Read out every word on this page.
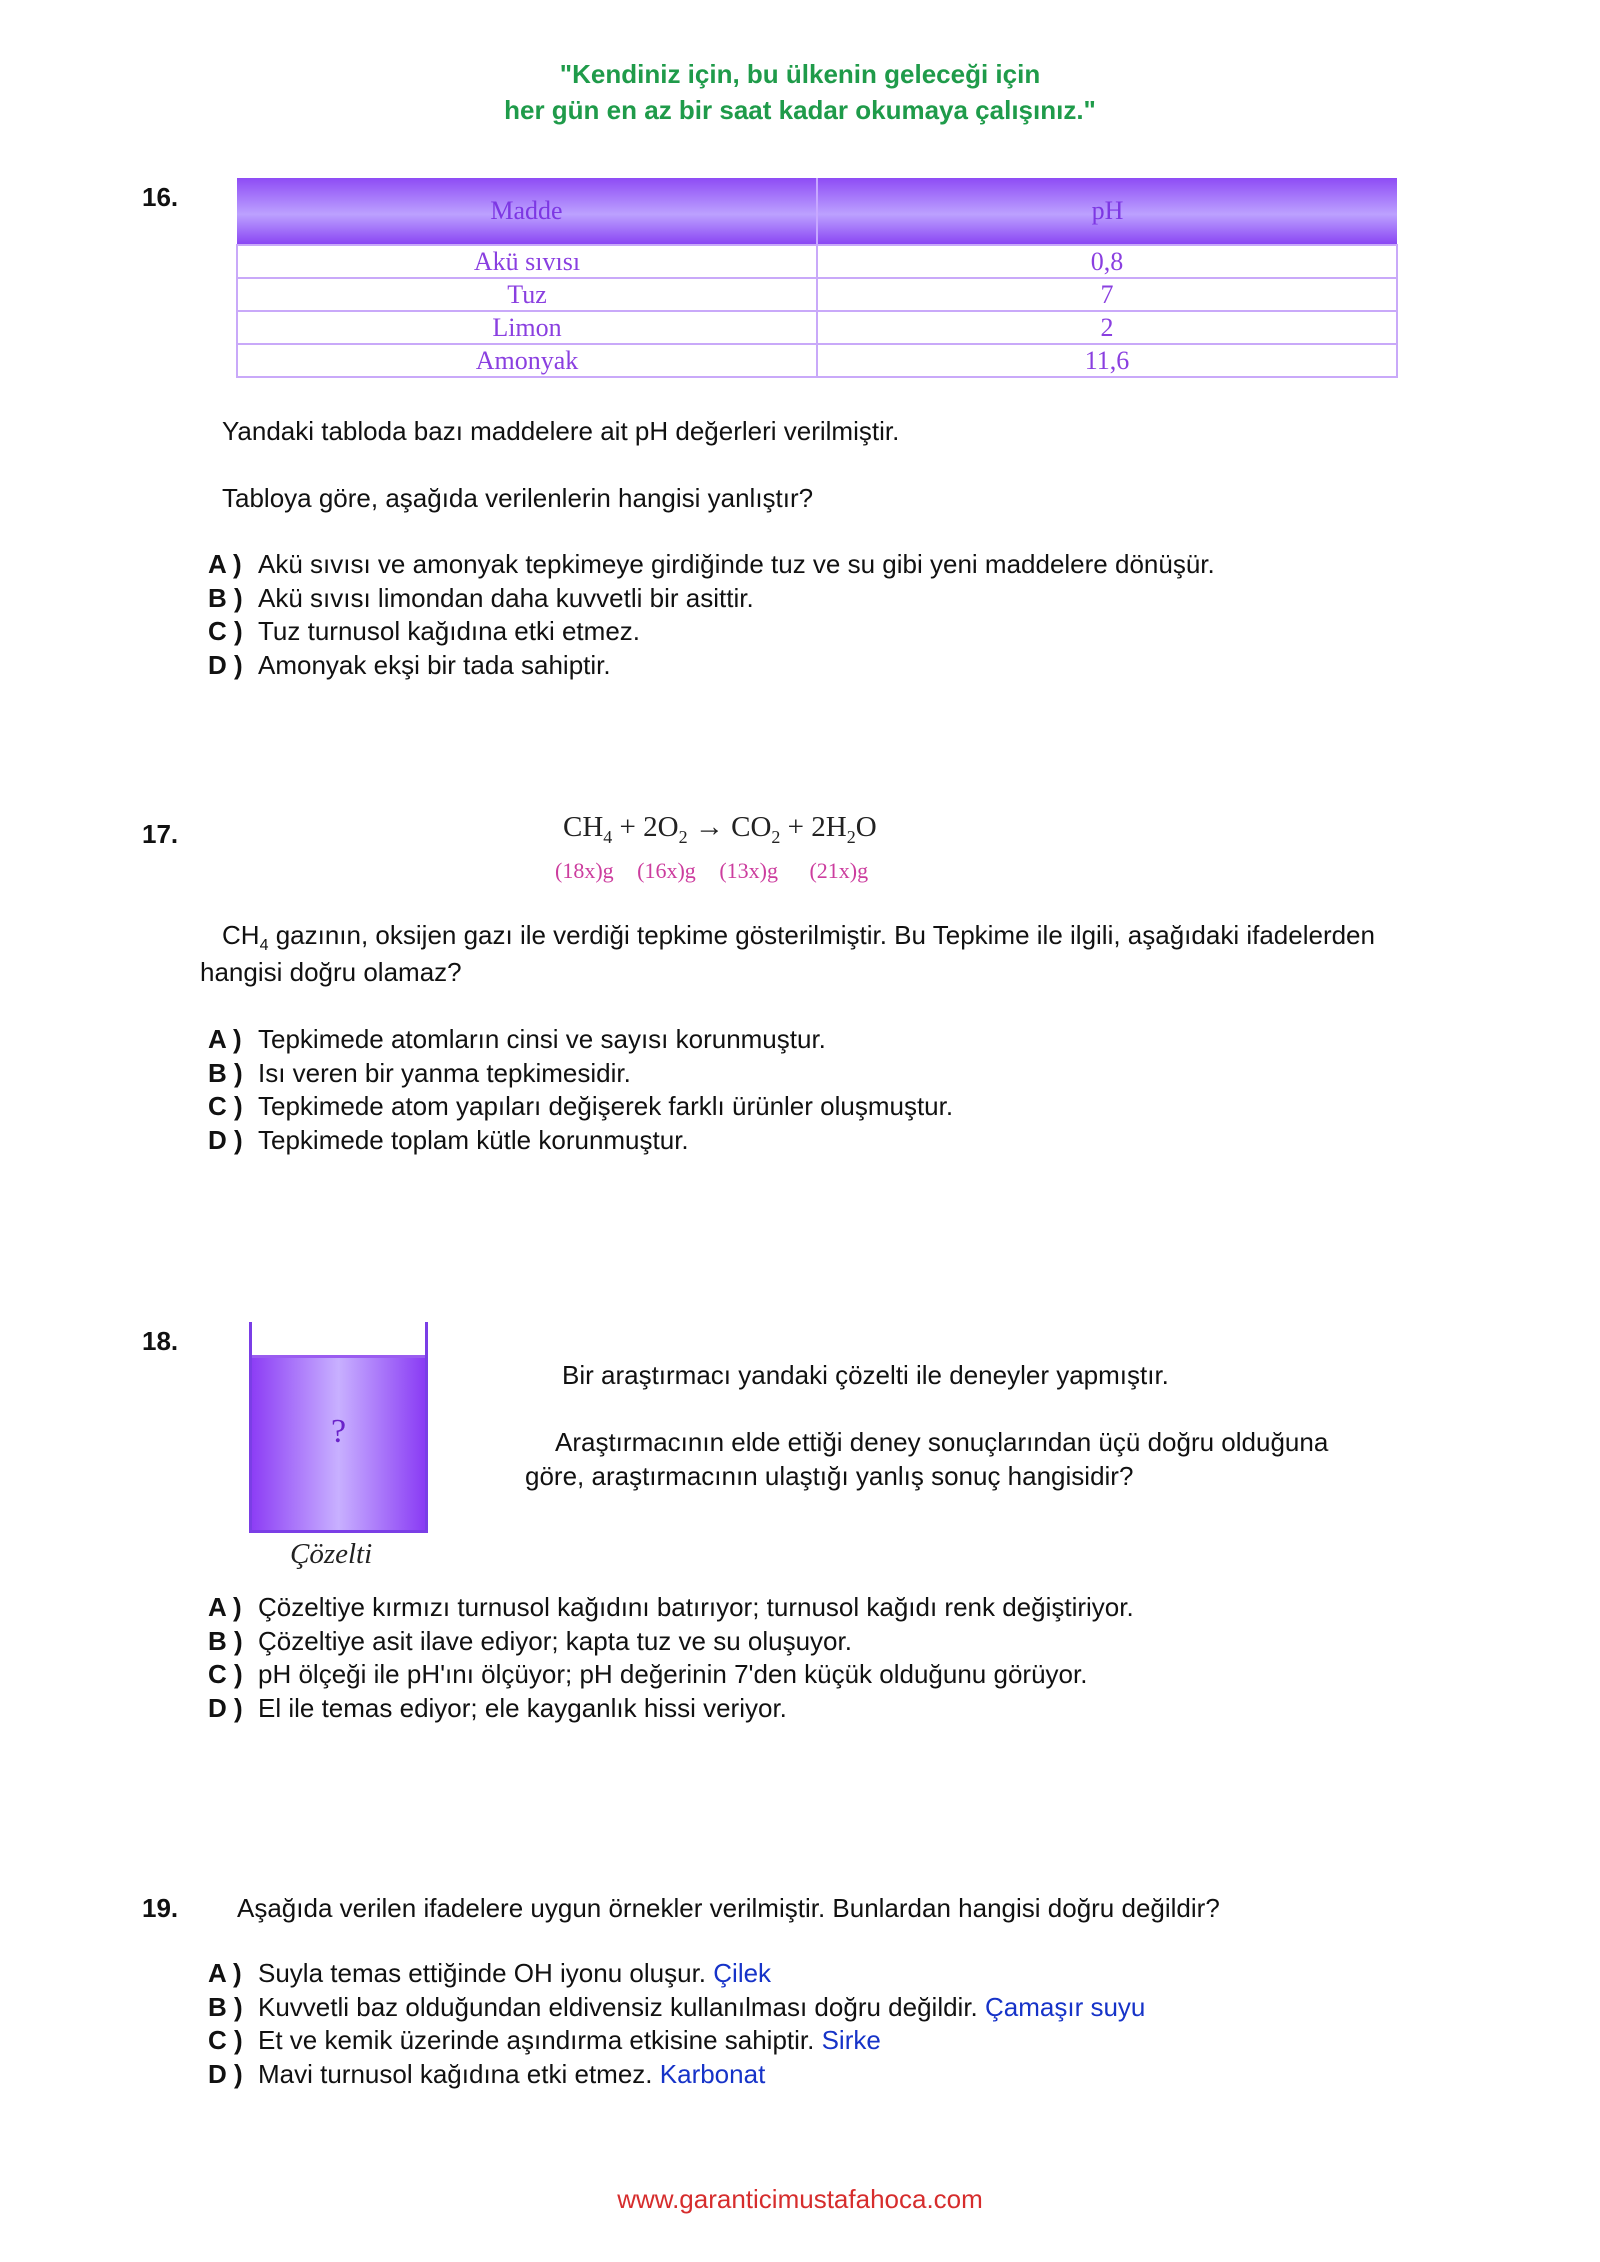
"Kendiniz için, bu ülkenin geleceği için
her gün en az bir saat kadar okumaya çalışınız."
16.	Madde	pH
Akü sıvısı	0,8
Tuz	7
Limon	2
Amonyak	11,6
Yandaki tabloda bazı maddelere ait pH değerleri verilmiştir.
Tabloya göre, aşağıda verilenlerin hangisi yanlıştır?
A ) Akü sıvısı ve amonyak tepkimeye girdiğinde tuz ve su gibi yeni maddelere dönüşür.
B ) Akü sıvısı limondan daha kuvvetli bir asittir.
C ) Tuz turnusol kağıdına etki etmez.
D ) Amonyak ekşi bir tada sahiptir.
17.	$CH_4 + 2O_2 \to CO_2 + 2H_2O$
(18x)g (16x)g (13x)g (21x)g
$CH_4$ gazının, oksijen gazı ile verdiği tepkime gösterilmiştir. Bu Tepkime ile ilgili, aşağıdaki ifadelerden
hangisi doğru olamaz?
A ) Tepkimede atomların cinsi ve sayısı korunmuştur.
B ) Isı veren bir yanma tepkimesidir.
C ) Tepkimede atom yapıları değişerek farklı ürünler oluşmuştur.
D ) Tepkimede toplam kütle korunmuştur.
18.
?
Çözelti
Bir araştırmacı yandaki çözelti ile deneyler yapmıştır.
Araştırmacının elde ettiği deney sonuçlarından üçü doğru olduğuna
göre, araştırmacının ulaştığı yanlış sonuç hangisidir?
A ) Çözeltiye kırmızı turnusol kağıdını batırıyor; turnusol kağıdı renk değiştiriyor.
B ) Çözeltiye asit ilave ediyor; kapta tuz ve su oluşuyor.
C ) pH ölçeği ile pH'ını ölçüyor; pH değerinin 7'den küçük olduğunu görüyor.
D ) El ile temas ediyor; ele kayganlık hissi veriyor.
19. Aşağıda verilen ifadelere uygun örnekler verilmiştir. Bunlardan hangisi doğru değildir?
A ) Suyla temas ettiğinde OH iyonu oluşur. Çilek
B ) Kuvvetli baz olduğundan eldivensiz kullanılması doğru değildir. Çamaşır suyu
C ) Et ve kemik üzerinde aşındırma etkisine sahiptir. Sirke
D ) Mavi turnusol kağıdına etki etmez. Karbonat
www.garanticimustafahoca.com
